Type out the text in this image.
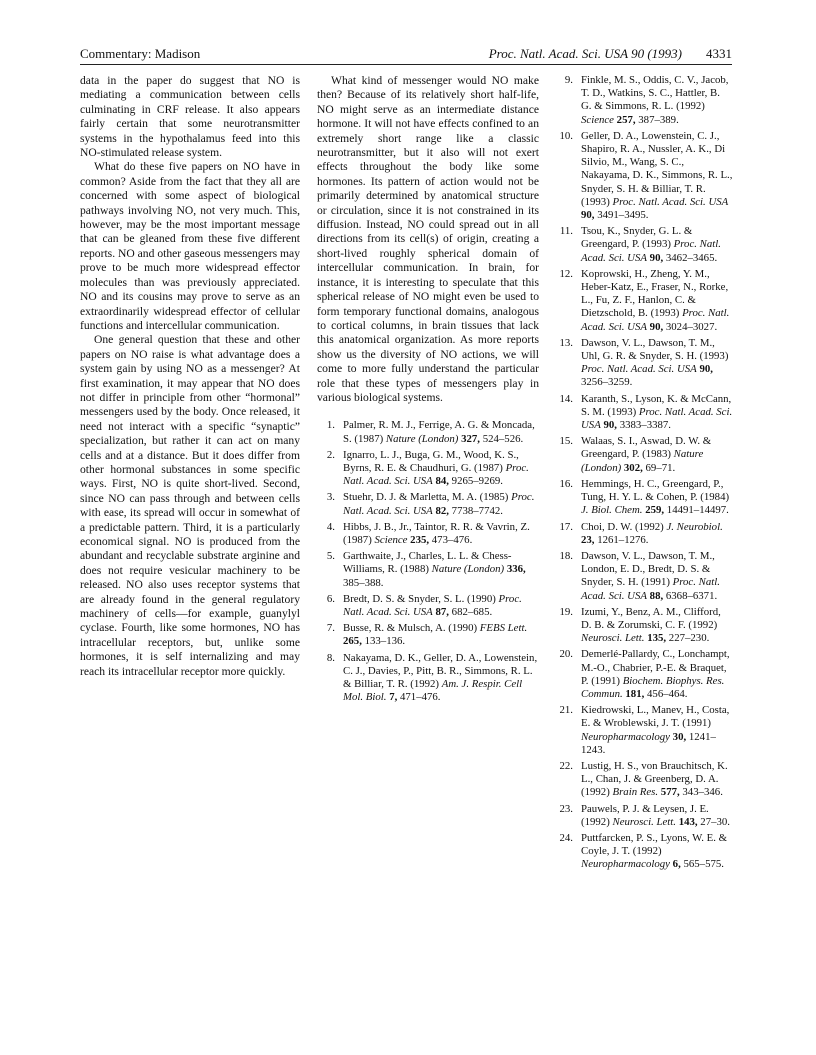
Commentary: Madison	Proc. Natl. Acad. Sci. USA 90 (1993) 4331

data in the paper do suggest that NO is mediating a communication between cells culminating in CRF release. It also appears fairly certain that some neurotransmitter systems in the hypothalamus feed into this NO-stimulated release system.

What do these five papers on NO have in common? Aside from the fact that they all are concerned with some aspect of biological pathways involving NO, not very much. This, however, may be the most important message that can be gleaned from these five different reports. NO and other gaseous messengers may prove to be much more widespread effector molecules than was previously appreciated. NO and its cousins may prove to serve as an extraordinarily widespread effector of cellular functions and intercellular communication.

One general question that these and other papers on NO raise is what advantage does a system gain by using NO as a messenger? At first examination, it may appear that NO does not differ in principle from other “hormonal” messengers used by the body. Once released, it need not interact with a specific “synaptic” specialization, but rather it can act on many cells and at a distance. But it does differ from other hormonal substances in some specific ways. First, NO is quite short-lived. Second, since NO can pass through and between cells with ease, its spread will occur in somewhat of a predictable pattern. Third, it is a particularly economical signal. NO is produced from the abundant and recyclable substrate arginine and does not require vesicular machinery to be released. NO also uses receptor systems that are already found in the general regulatory machinery of cells—for example, guanylyl cyclase. Fourth, like some hormones, NO has intracellular receptors, but, unlike some hormones, it is self internalizing and may reach its intracellular receptor more quickly.

What kind of messenger would NO make then? Because of its relatively short half-life, NO might serve as an intermediate distance hormone. It will not have effects confined to an extremely short range like a classic neurotransmitter, but it also will not exert effects throughout the body like some hormones. Its pattern of action would not be primarily determined by anatomical structure or circulation, since it is not constrained in its diffusion. Instead, NO could spread out in all directions from its cell(s) of origin, creating a short-lived roughly spherical domain of intercellular communication. In brain, for instance, it is interesting to speculate that this spherical release of NO might even be used to form temporary functional domains, analogous to cortical columns, in brain tissues that lack this anatomical organization. As more reports show us the diversity of NO actions, we will come to more fully understand the particular role that these types of messengers play in various biological systems.

1. Palmer, R. M. J., Ferrige, A. G. & Moncada, S. (1987) Nature (London) 327, 524–526.
2. Ignarro, L. J., Buga, G. M., Wood, K. S., Byrns, R. E. & Chaudhuri, G. (1987) Proc. Natl. Acad. Sci. USA 84, 9265–9269.
3. Stuehr, D. J. & Marletta, M. A. (1985) Proc. Natl. Acad. Sci. USA 82, 7738–7742.
4. Hibbs, J. B., Jr., Taintor, R. R. & Vavrin, Z. (1987) Science 235, 473–476.
5. Garthwaite, J., Charles, L. L. & Chess-Williams, R. (1988) Nature (London) 336, 385–388.
6. Bredt, D. S. & Snyder, S. L. (1990) Proc. Natl. Acad. Sci. USA 87, 682–685.
7. Busse, R. & Mulsch, A. (1990) FEBS Lett. 265, 133–136.
8. Nakayama, D. K., Geller, D. A., Lowenstein, C. J., Davies, P., Pitt, B. R., Simmons, R. L. & Billiar, T. R. (1992) Am. J. Respir. Cell Mol. Biol. 7, 471–476.
9. Finkle, M. S., Oddis, C. V., Jacob, T. D., Watkins, S. C., Hattler, B. G. & Simmons, R. L. (1992) Science 257, 387–389.
10. Geller, D. A., Lowenstein, C. J., Shapiro, R. A., Nussler, A. K., Di Silvio, M., Wang, S. C., Nakayama, D. K., Simmons, R. L., Snyder, S. H. & Billiar, T. R. (1993) Proc. Natl. Acad. Sci. USA 90, 3491–3495.
11. Tsou, K., Snyder, G. L. & Greengard, P. (1993) Proc. Natl. Acad. Sci. USA 90, 3462–3465.
12. Koprowski, H., Zheng, Y. M., Heber-Katz, E., Fraser, N., Rorke, L., Fu, Z. F., Hanlon, C. & Dietzschold, B. (1993) Proc. Natl. Acad. Sci. USA 90, 3024–3027.
13. Dawson, V. L., Dawson, T. M., Uhl, G. R. & Snyder, S. H. (1993) Proc. Natl. Acad. Sci. USA 90, 3256–3259.
14. Karanth, S., Lyson, K. & McCann, S. M. (1993) Proc. Natl. Acad. Sci. USA 90, 3383–3387.
15. Walaas, S. I., Aswad, D. W. & Greengard, P. (1983) Nature (London) 302, 69–71.
16. Hemmings, H. C., Greengard, P., Tung, H. Y. L. & Cohen, P. (1984) J. Biol. Chem. 259, 14491–14497.
17. Choi, D. W. (1992) J. Neurobiol. 23, 1261–1276.
18. Dawson, V. L., Dawson, T. M., London, E. D., Bredt, D. S. & Snyder, S. H. (1991) Proc. Natl. Acad. Sci. USA 88, 6368–6371.
19. Izumi, Y., Benz, A. M., Clifford, D. B. & Zorumski, C. F. (1992) Neurosci. Lett. 135, 227–230.
20. Demerlé-Pallardy, C., Lonchampt, M.-O., Chabrier, P.-E. & Braquet, P. (1991) Biochem. Biophys. Res. Commun. 181, 456–464.
21. Kiedrowski, L., Manev, H., Costa, E. & Wroblewski, J. T. (1991) Neuropharmacology 30, 1241–1243.
22. Lustig, H. S., von Brauchitsch, K. L., Chan, J. & Greenberg, D. A. (1992) Brain Res. 577, 343–346.
23. Pauwels, P. J. & Leysen, J. E. (1992) Neurosci. Lett. 143, 27–30.
24. Puttfarcken, P. S., Lyons, W. E. & Coyle, J. T. (1992) Neuropharmacology 6, 565–575.
